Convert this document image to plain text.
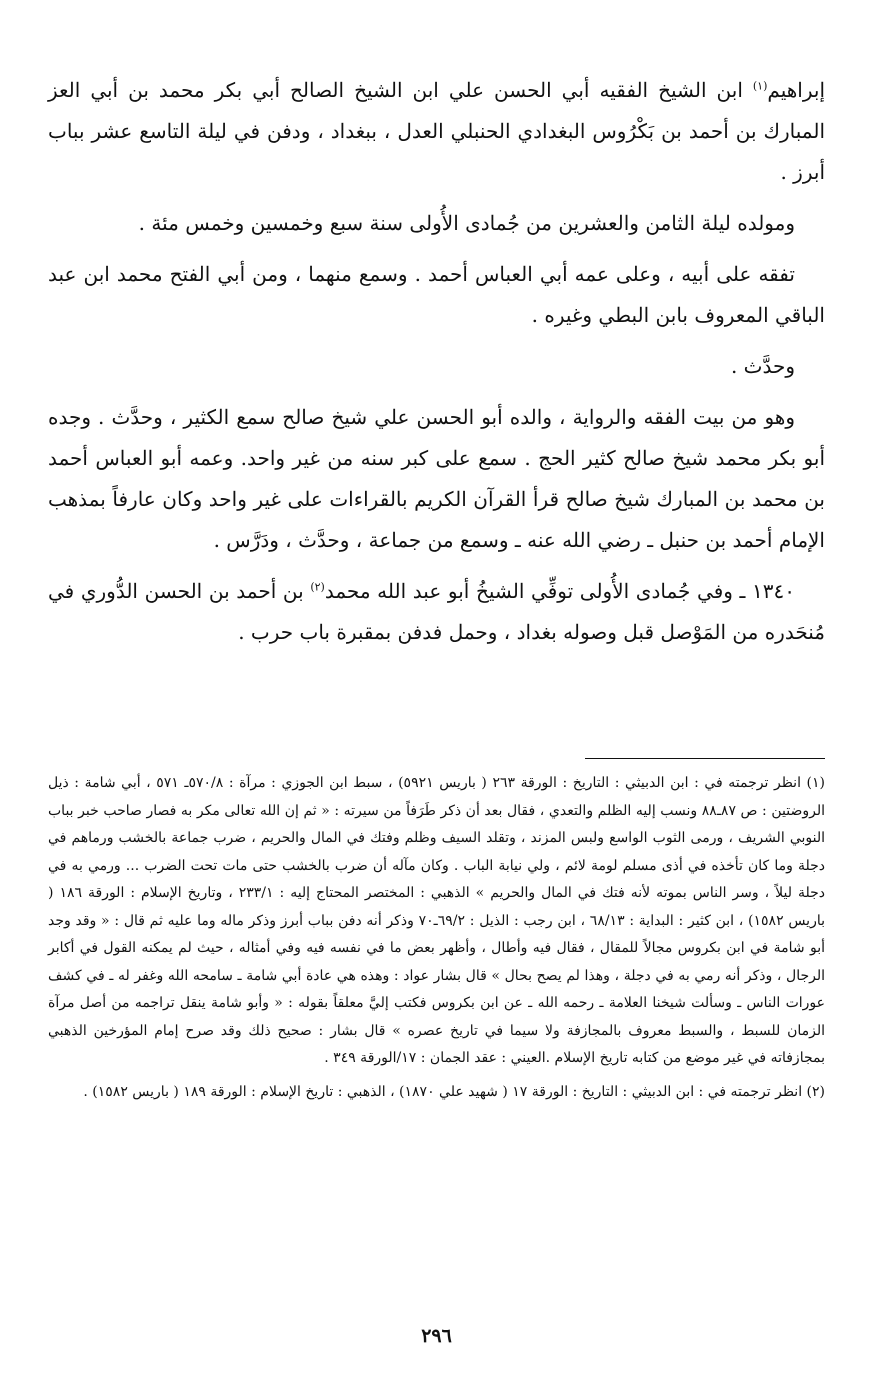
إبراهيم$^{(١)}$ ابن الشيخ الفقيه أبي الحسن علي ابن الشيخ الصالح أبي بكر محمد بن أبي العز المبارك بن أحمد بن بَكْرُوس البغدادي الحنبلي العدل ، ببغداد ، ودفن في ليلة التاسع عشر بباب أبرز .

ومولده ليلة الثامن والعشرين من جُمادى الأُولى سنة سبع وخمسين وخمس مئة .

تفقه على أبيه ، وعلى عمه أبي العباس أحمد . وسمع منهما ، ومن أبي الفتح محمد ابن عبد الباقي المعروف بابن البطي وغيره .

وحدَّث .

وهو من بيت الفقه والرواية ، والده أبو الحسن علي شيخ صالح سمع الكثير ، وحدَّث . وجده أبو بكر محمد شيخ صالح كثير الحج . سمع على كبر سنه من غير واحد. وعمه أبو العباس أحمد بن محمد بن المبارك شيخ صالح قرأ القرآن الكريم بالقراءات على غير واحد وكان عارفاً بمذهب الإمام أحمد بن حنبل ـ رضي الله عنه ـ وسمع من جماعة ، وحدَّث ، ودَرَّس .

١٣٤٠ ـ وفي جُمادى الأُولى توفِّي الشيخُ أبو عبد الله محمد$^{(٢)}$ بن أحمد بن الحسن الدُّوري في مُنحَدره من المَوْصل قبل وصوله بغداد ، وحمل فدفن بمقبرة باب حرب .

(١) انظر ترجمته في : ابن الدبيثي : التاريخ : الورقة ٢٦٣ ( باريس ٥٩٢١) ، سبط ابن الجوزي : مرآة : ٥٧٠/٨ـ ٥٧١ ، أبي شامة : ذيل الروضتين : ص ٨٧ـ٨٨ ونسب إليه الظلم والتعدي ، فقال بعد أن ذكر طَرَفاً من سيرته : « ثم إن الله تعالى مكر به فصار صاحب خبر بباب النوبي الشريف ، ورمى الثوب الواسع ولبس المزند ، وتقلد السيف وظلم وفتك في المال والحريم ، ضرب جماعة بالخشب ورماهم في دجلة وما كان تأخذه في أذى مسلم لومة لائم ، ولي نيابة الباب . وكان مآله أن ضرب بالخشب حتى مات تحت الضرب ... ورمي به في دجلة ليلاً ، وسر الناس بموته لأنه فتك في المال والحريم » الذهبي : المختصر المحتاج إليه : ٢٣٣/١ ، وتاريخ الإسلام : الورقة ١٨٦ ( باريس ١٥٨٢) ، ابن كثير : البداية : ٦٨/١٣ ، ابن رجب : الذيل : ٦٩/٢ـ٧٠ وذكر أنه دفن بباب أبرز وذكر ماله وما عليه ثم قال : « وقد وجد أبو شامة في ابن بكروس مجالاً للمقال ، فقال فيه وأطال ، وأظهر بعض ما في نفسه فيه وفي أمثاله ، حيث لم يمكنه القول في أكابر الرجال ، وذكر أنه رمي به في دجلة ، وهذا لم يصح بحال » قال بشار عواد : وهذه هي عادة أبي شامة ـ سامحه الله وغفر له ـ في كشف عورات الناس ـ وسألت شيخنا العلامة ـ رحمه الله ـ عن ابن بكروس فكتب إليَّ معلقاً بقوله : « وأبو شامة ينقل تراجمه من أصل مرآة الزمان للسبط ، والسبط معروف بالمجازفة ولا سيما في تاريخ عصره » قال بشار : صحيح ذلك وقد صرح إمام المؤرخين الذهبي بمجازفاته في غير موضع من كتابه تاريخ الإسلام .العيني : عقد الجمان : ١٧/الورقة ٣٤٩ .

(٢) انظر ترجمته في : ابن الدبيثي : التاريخ : الورقة ١٧ ( شهيد علي ١٨٧٠) ، الذهبي : تاريخ الإسلام : الورقة ١٨٩ ( باريس ١٥٨٢) .

٢٩٦
